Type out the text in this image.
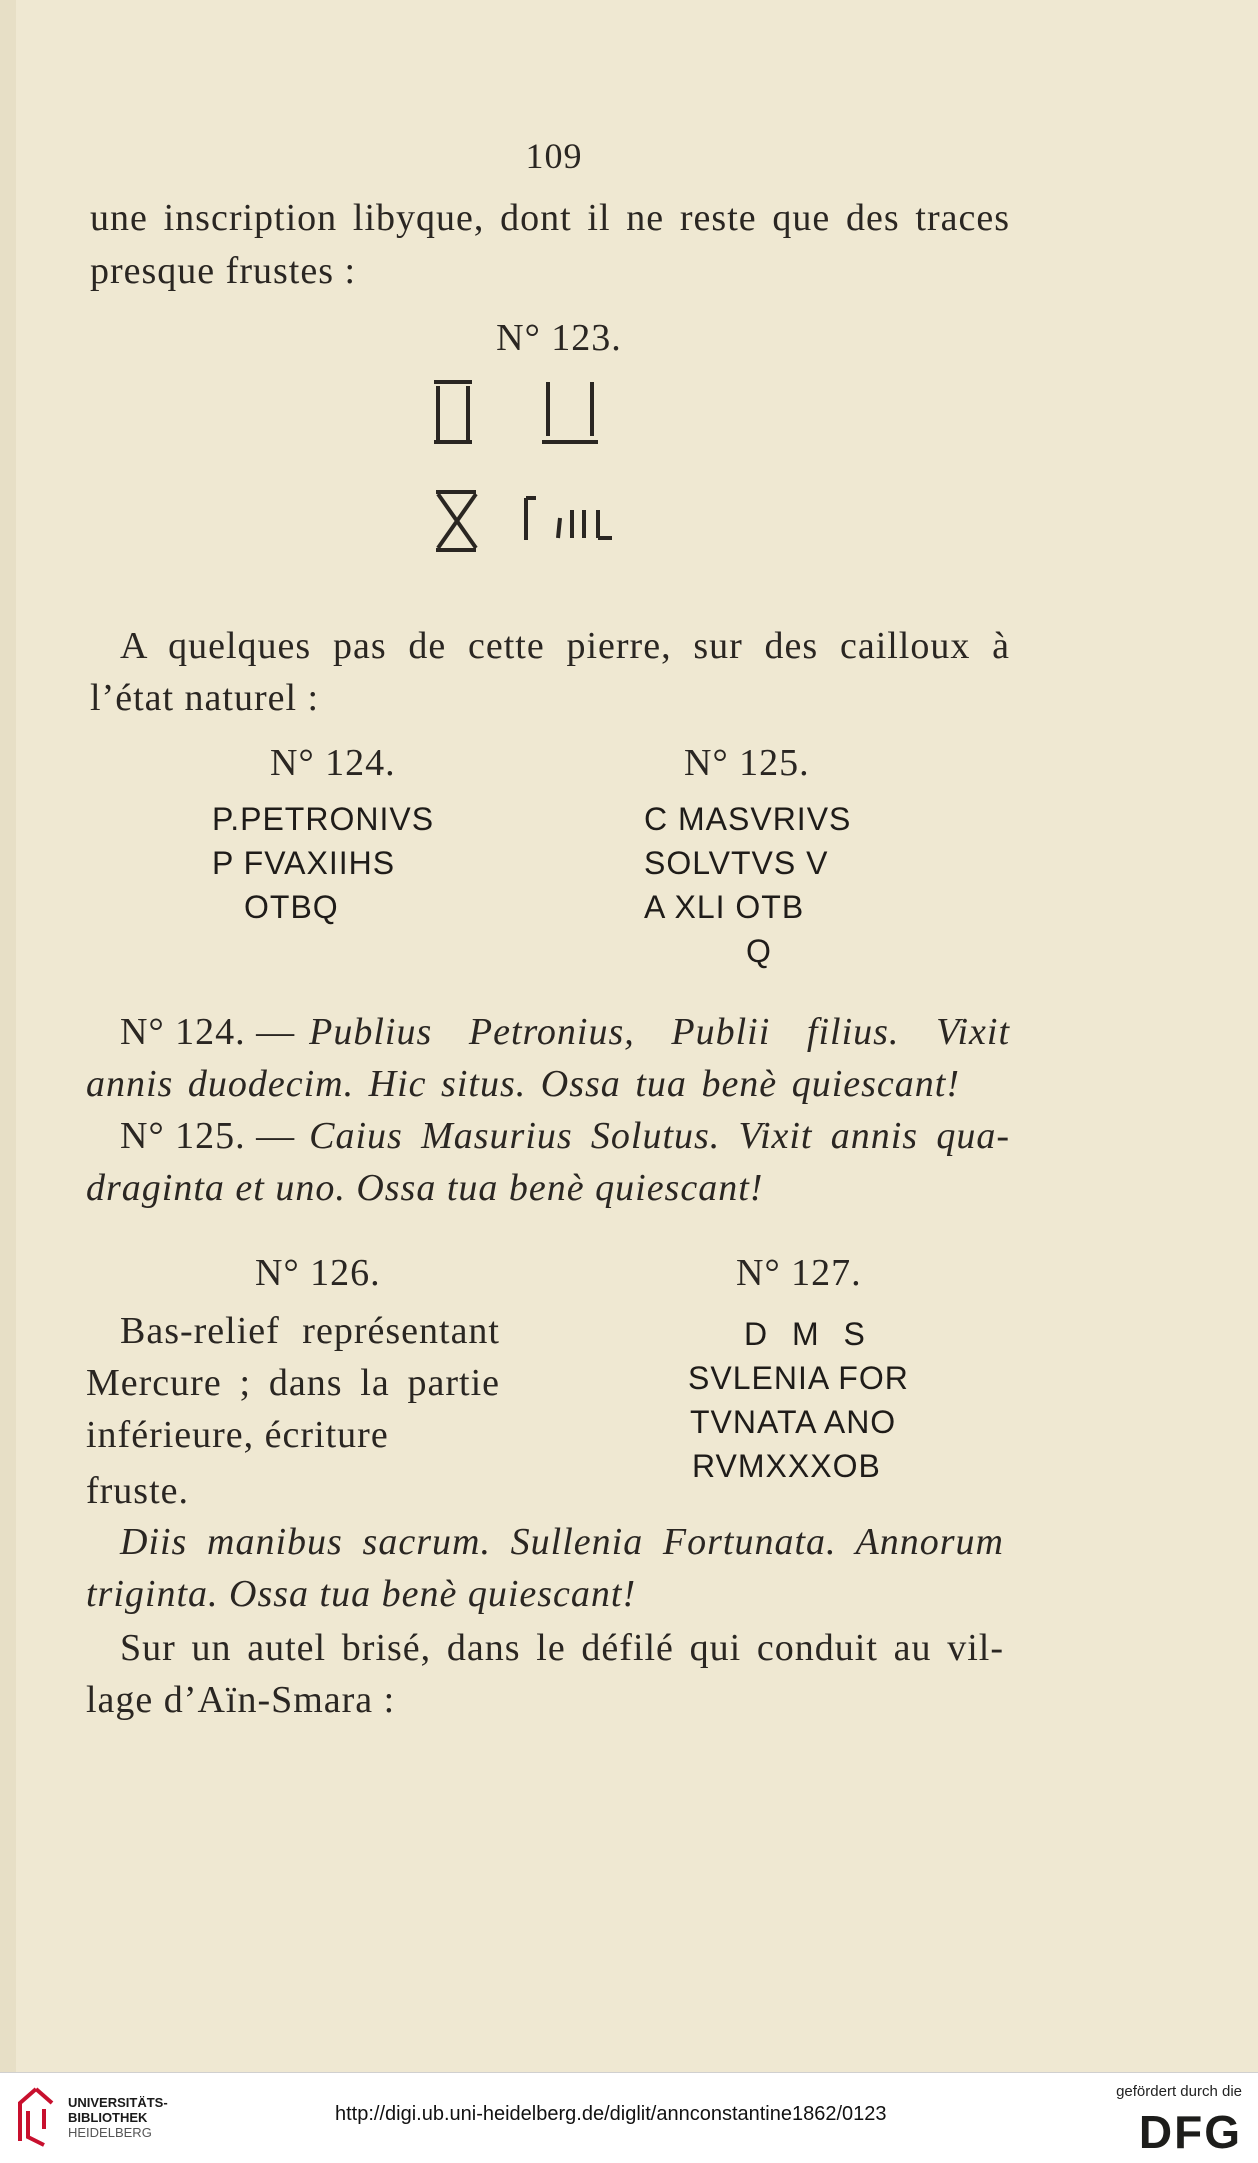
109
une inscription libyque, dont il ne reste que des traces
presque frustes :
N° 123.
A quelques pas de cette pierre, sur des cailloux à
l’état naturel :
N° 124.	N° 125.
P.PETRONIVS
P FVAXIIHS
OTBQ
C MASVRIVS
SOLVTVS V
A XLI OTB
Q
N° 124. — Publius Petronius, Publii filius. Vixit
annis duodecim. Hic situs. Ossa tua benè quiescant!
N° 125. — Caius Masurius Solutus. Vixit annis qua-
draginta et uno. Ossa tua benè quiescant!
N° 126.	N° 127.
Bas-relief représentant
Mercure ; dans la partie
inférieure, écriture fruste.
D M S
SVLENIA FOR
TVNATA ANO
RVMXXXOB
Diis manibus sacrum. Sullenia Fortunata. Annorum
triginta. Ossa tua benè quiescant!
Sur un autel brisé, dans le défilé qui conduit au vil-
lage d’Aïn-Smara :
UNIVERSITÄTS-
BIBLIOTHEK
HEIDELBERG
http://digi.ub.uni-heidelberg.de/diglit/annconstantine1862/0123
gefördert durch die
DFG
